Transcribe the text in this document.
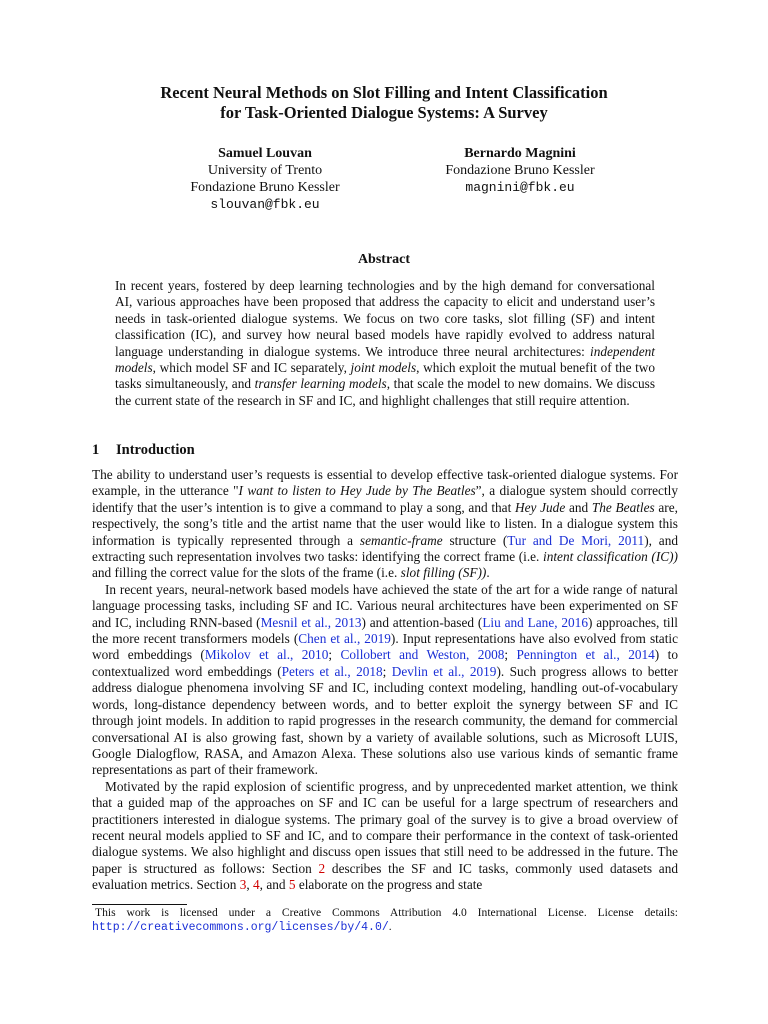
Recent Neural Methods on Slot Filling and Intent Classification
for Task-Oriented Dialogue Systems: A Survey
Samuel Louvan
University of Trento
Fondazione Bruno Kessler
slouvan@fbk.eu
Bernardo Magnini
Fondazione Bruno Kessler
magnini@fbk.eu
Abstract
In recent years, fostered by deep learning technologies and by the high demand for conversational AI, various approaches have been proposed that address the capacity to elicit and understand user’s needs in task-oriented dialogue systems. We focus on two core tasks, slot filling (SF) and intent classification (IC), and survey how neural based models have rapidly evolved to address natural language understanding in dialogue systems. We introduce three neural architectures: independent models, which model SF and IC separately, joint models, which exploit the mutual benefit of the two tasks simultaneously, and transfer learning models, that scale the model to new domains. We discuss the current state of the research in SF and IC, and highlight challenges that still require attention.
1 Introduction

The ability to understand user’s requests is essential to develop effective task-oriented dialogue systems. For example, in the utterance "I want to listen to Hey Jude by The Beatles”, a dialogue system should correctly identify that the user’s intention is to give a command to play a song, and that Hey Jude and The Beatles are, respectively, the song’s title and the artist name that the user would like to listen. In a dialogue system this information is typically represented through a semantic-frame structure (Tur and De Mori, 2011), and extracting such representation involves two tasks: identifying the correct frame (i.e. intent classification (IC)) and filling the correct value for the slots of the frame (i.e. slot filling (SF)).

In recent years, neural-network based models have achieved the state of the art for a wide range of natural language processing tasks, including SF and IC. Various neural architectures have been experimented on SF and IC, including RNN-based (Mesnil et al., 2013) and attention-based (Liu and Lane, 2016) approaches, till the more recent transformers models (Chen et al., 2019). Input representations have also evolved from static word embeddings (Mikolov et al., 2010; Collobert and Weston, 2008; Pennington et al., 2014) to contextualized word embeddings (Peters et al., 2018; Devlin et al., 2019). Such progress allows to better address dialogue phenomena involving SF and IC, including context modeling, handling out-of-vocabulary words, long-distance dependency between words, and to better exploit the synergy between SF and IC through joint models. In addition to rapid progresses in the research community, the demand for commercial conversational AI is also growing fast, shown by a variety of available solutions, such as Microsoft LUIS, Google Dialogflow, RASA, and Amazon Alexa. These solutions also use various kinds of semantic frame representations as part of their framework.

Motivated by the rapid explosion of scientific progress, and by unprecedented market attention, we think that a guided map of the approaches on SF and IC can be useful for a large spectrum of researchers and practitioners interested in dialogue systems. The primary goal of the survey is to give a broad overview of recent neural models applied to SF and IC, and to compare their performance in the context of task-oriented dialogue systems. We also highlight and discuss open issues that still need to be addressed in the future. The paper is structured as follows: Section 2 describes the SF and IC tasks, commonly used datasets and evaluation metrics. Section 3, 4, and 5 elaborate on the progress and state

This work is licensed under a Creative Commons Attribution 4.0 International License. License details: http://creativecommons.org/licenses/by/4.0/.
